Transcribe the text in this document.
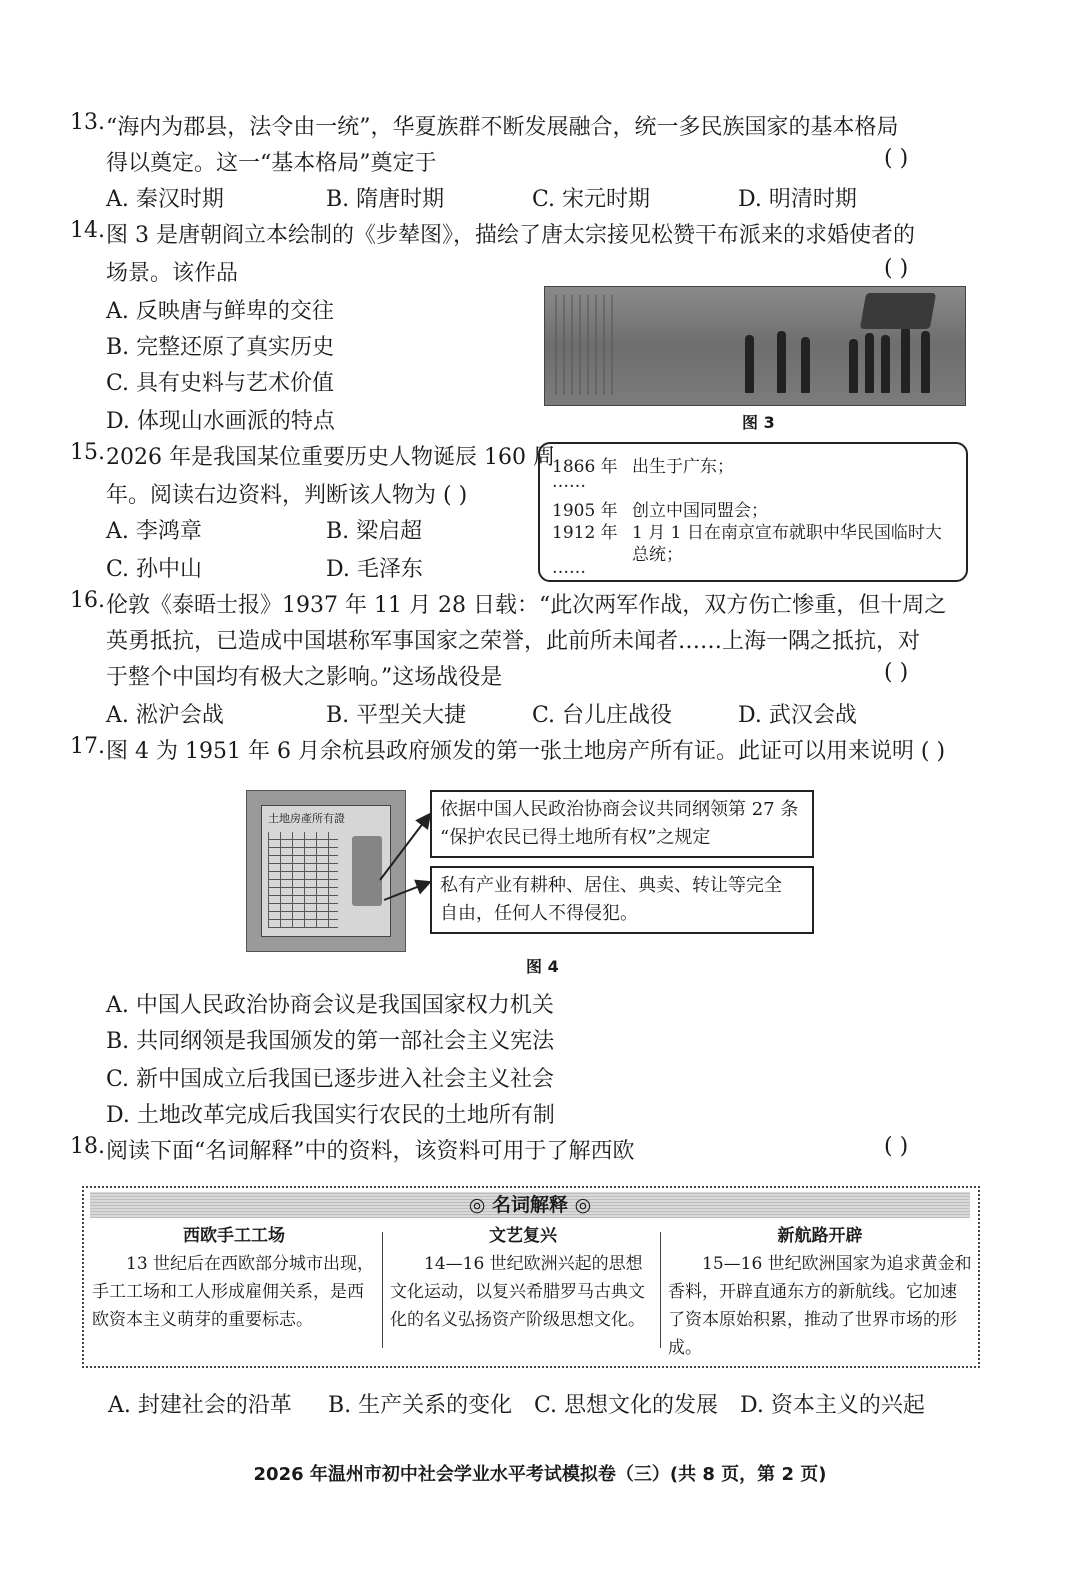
13. “海内为郡县，法令由一统”，华夏族群不断发展融合，统一多民族国家的基本格局
得以奠定。这一“基本格局”奠定于	( )
A. 秦汉时期	B. 隋唐时期	C. 宋元时期	D. 明清时期
14. 图 3 是唐朝阎立本绘制的《步辇图》，描绘了唐太宗接见松赞干布派来的求婚使者的
场景。该作品	( )
A. 反映唐与鲜卑的交往
B. 完整还原了真实历史
C. 具有史料与艺术价值
D. 体现山水画派的特点	图 3
15. 2026 年是我国某位重要历史人物诞辰 160 周
年。阅读右边资料，判断该人物为 ( )
A. 李鸿章	B. 梁启超
C. 孙中山	D. 毛泽东
1866 年 出生于广东；
……
1905 年 创立中国同盟会；
1912 年 1 月 1 日在南京宣布就职中华民国临时大
总统；
……
16. 伦敦《泰晤士报》1937 年 11 月 28 日载：“此次两军作战，双方伤亡惨重，但十周之
英勇抵抗，已造成中国堪称军事国家之荣誉，此前所未闻者……上海一隅之抵抗，对
于整个中国均有极大之影响。”这场战役是	( )
A. 淞沪会战	B. 平型关大捷	C. 台儿庄战役	D. 武汉会战
17. 图 4 为 1951 年 6 月余杭县政府颁发的第一张土地房产所有证。此证可以用来说明 ( )
土地房產所有證	依据中国人民政治协商会议共同纲领第 27 条
“保护农民已得土地所有权”之规定
私有产业有耕种、居住、典卖、转让等完全
自由，任何人不得侵犯。
图 4
A. 中国人民政治协商会议是我国国家权力机关
B. 共同纲领是我国颁发的第一部社会主义宪法
C. 新中国成立后我国已逐步进入社会主义社会
D. 土地改革完成后我国实行农民的土地所有制
18. 阅读下面“名词解释”中的资料，该资料可用于了解西欧	( )
◎ 名词解释 ◎
西欧手工工场
13 世纪后在西欧部分城市出现，手工工场和工人形成雇佣关系，是西欧资本主义萌芽的重要标志。
文艺复兴
14—16 世纪欧洲兴起的思想文化运动，以复兴希腊罗马古典文化的名义弘扬资产阶级思想文化。
新航路开辟
15—16 世纪欧洲国家为追求黄金和香料，开辟直通东方的新航线。它加速了资本原始积累，推动了世界市场的形成。
A. 封建社会的沿革 B. 生产关系的变化 C. 思想文化的发展 D. 资本主义的兴起
2026 年温州市初中社会学业水平考试模拟卷（三）(共 8 页，第 2 页)
